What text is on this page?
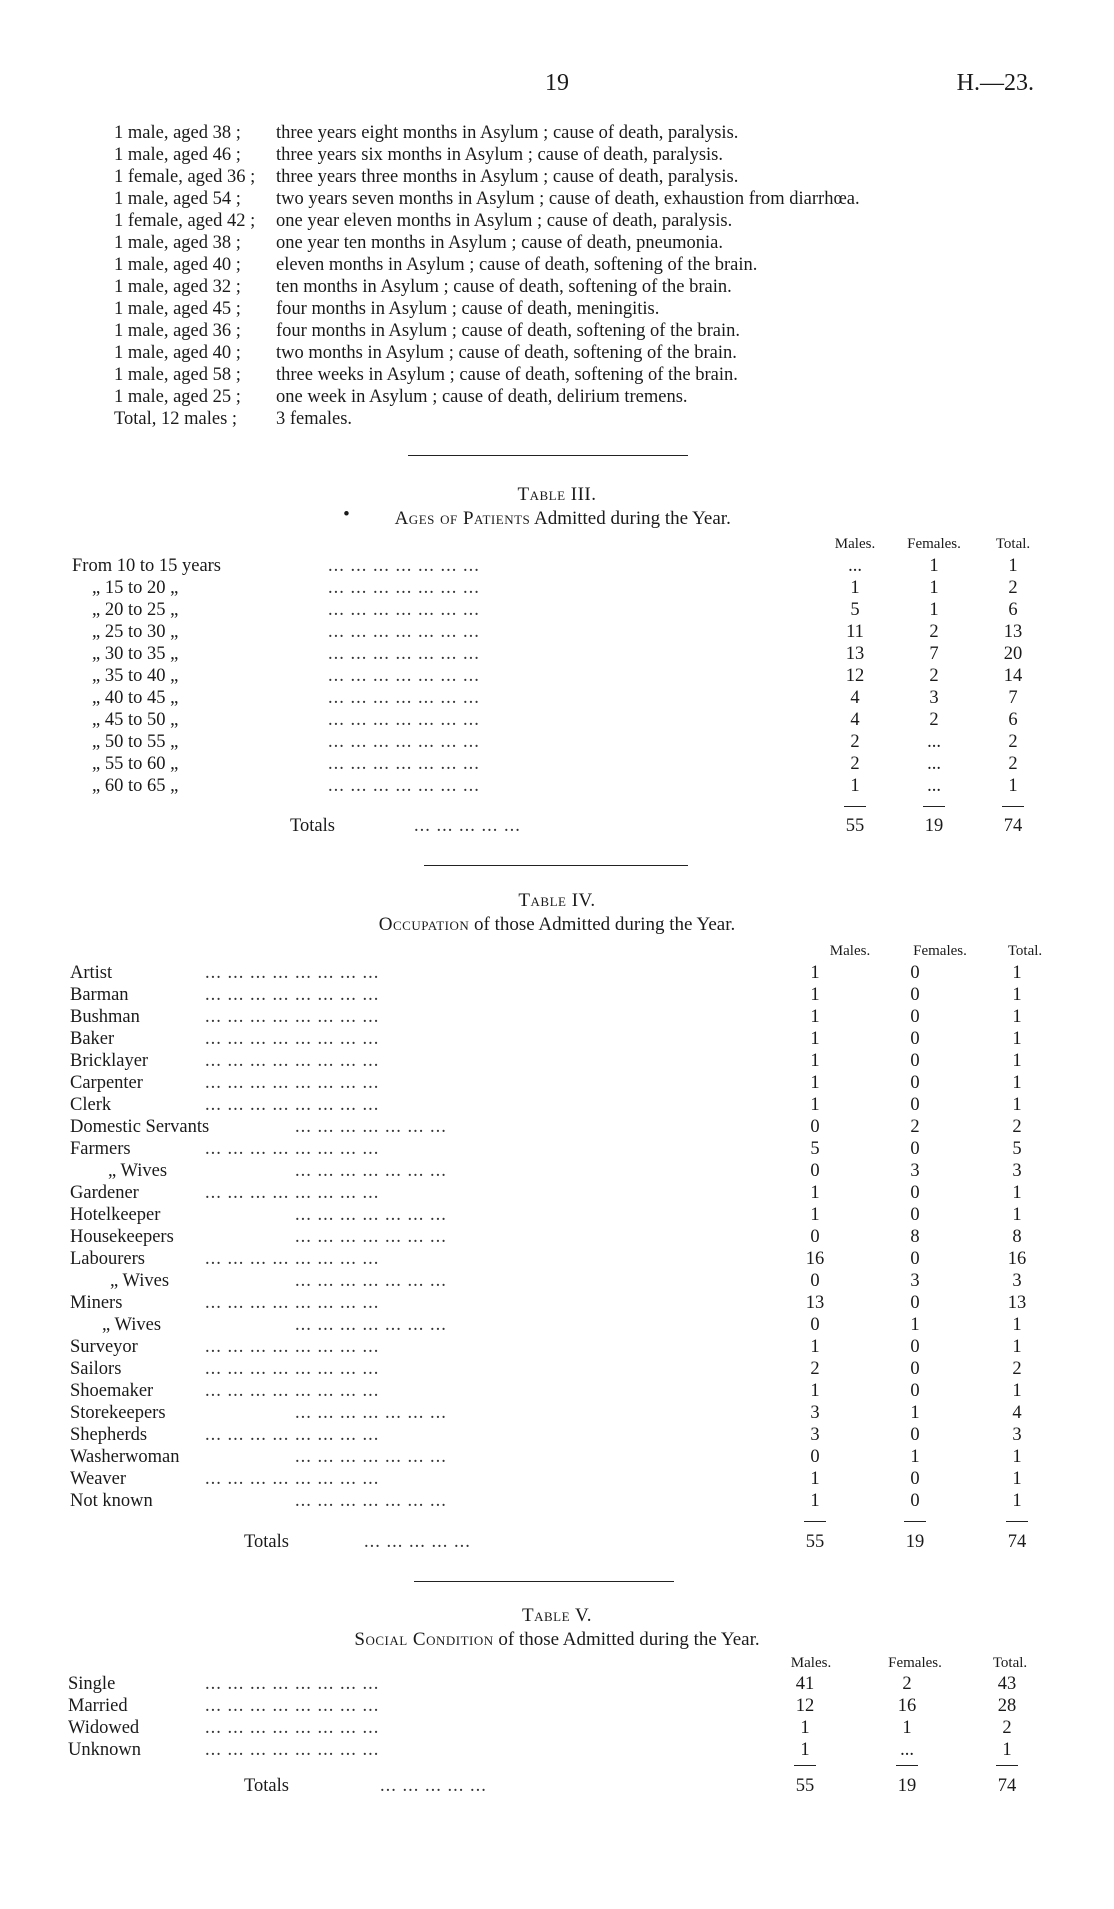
19	H.—23.
1 male, aged 38 ; three years eight months in Asylum ; cause of death, paralysis.
1 male, aged 46 ; three years six months in Asylum ; cause of death, paralysis.
1 female, aged 36 ; three years three months in Asylum ; cause of death, paralysis.
1 male, aged 54 ; two years seven months in Asylum ; cause of death, exhaustion from diarrhœa.
1 female, aged 42 ; one year eleven months in Asylum ; cause of death, paralysis.
1 male, aged 38 ; one year ten months in Asylum ; cause of death, pneumonia.
1 male, aged 40 ; eleven months in Asylum ; cause of death, softening of the brain.
1 male, aged 32 ; ten months in Asylum ; cause of death, softening of the brain.
1 male, aged 45 ; four months in Asylum ; cause of death, meningitis.
1 male, aged 36 ; four months in Asylum ; cause of death, softening of the brain.
1 male, aged 40 ; two months in Asylum ; cause of death, softening of the brain.
1 male, aged 58 ; three weeks in Asylum ; cause of death, softening of the brain.
1 male, aged 25 ; one week in Asylum ; cause of death, delirium tremens.
Total, 12 males ; 3 females.
Table III.
• Ages of Patients Admitted during the Year.
Males.	Females.	Total.
From 10 to 15 years	... ... ... ... ... ... ...	...	1	1
„ 15 to 20 „	... ... ... ... ... ... ...	1	1	2
„ 20 to 25 „	... ... ... ... ... ... ...	5	1	6
„ 25 to 30 „	... ... ... ... ... ... ...	11	2	13
„ 30 to 35 „	... ... ... ... ... ... ...	13	7	20
„ 35 to 40 „	... ... ... ... ... ... ...	12	2	14
„ 40 to 45 „	... ... ... ... ... ... ...	4	3	7
„ 45 to 50 „	... ... ... ... ... ... ...	4	2	6
„ 50 to 55 „	... ... ... ... ... ... ...	2	...	2
„ 55 to 60 „	... ... ... ... ... ... ...	2	...	2
„ 60 to 65 „	... ... ... ... ... ... ...	1	...	1
Totals	... ... ... ... ...	55	19	74
Table IV.
Occupation of those Admitted during the Year.
Males.	Females.	Total.
Artist	... ... ... ... ... ... ... ...	1	0	1
Barman	... ... ... ... ... ... ... ...	1	0	1
Bushman	... ... ... ... ... ... ... ...	1	0	1
Baker	... ... ... ... ... ... ... ...	1	0	1
Bricklayer	... ... ... ... ... ... ... ...	1	0	1
Carpenter	... ... ... ... ... ... ... ...	1	0	1
Clerk	... ... ... ... ... ... ... ...	1	0	1
Domestic Servants	... ... ... ... ... ... ...	0	2	2
Farmers	... ... ... ... ... ... ... ...	5	0	5
„ Wives	... ... ... ... ... ... ...	0	3	3
Gardener	... ... ... ... ... ... ... ...	1	0	1
Hotelkeeper	... ... ... ... ... ... ...	1	0	1
Housekeepers	... ... ... ... ... ... ...	0	8	8
Labourers	... ... ... ... ... ... ... ...	16	0	16
„ Wives	... ... ... ... ... ... ...	0	3	3
Miners	... ... ... ... ... ... ... ...	13	0	13
„ Wives	... ... ... ... ... ... ...	0	1	1
Surveyor	... ... ... ... ... ... ... ...	1	0	1
Sailors	... ... ... ... ... ... ... ...	2	0	2
Shoemaker	... ... ... ... ... ... ... ...	1	0	1
Storekeepers	... ... ... ... ... ... ...	3	1	4
Shepherds	... ... ... ... ... ... ... ...	3	0	3
Washerwoman	... ... ... ... ... ... ...	0	1	1
Weaver	... ... ... ... ... ... ... ...	1	0	1
Not known	... ... ... ... ... ... ...	1	0	1
Totals	... ... ... ... ...	55	19	74
Table V.
Social Condition of those Admitted during the Year.
Males.	Females.	Total.
Single	... ... ... ... ... ... ... ...	41	2	43
Married	... ... ... ... ... ... ... ...	12	16	28
Widowed	... ... ... ... ... ... ... ...	1	1	2
Unknown	... ... ... ... ... ... ... ...	1	...	1
Totals	... ... ... ... ...	55	19	74
